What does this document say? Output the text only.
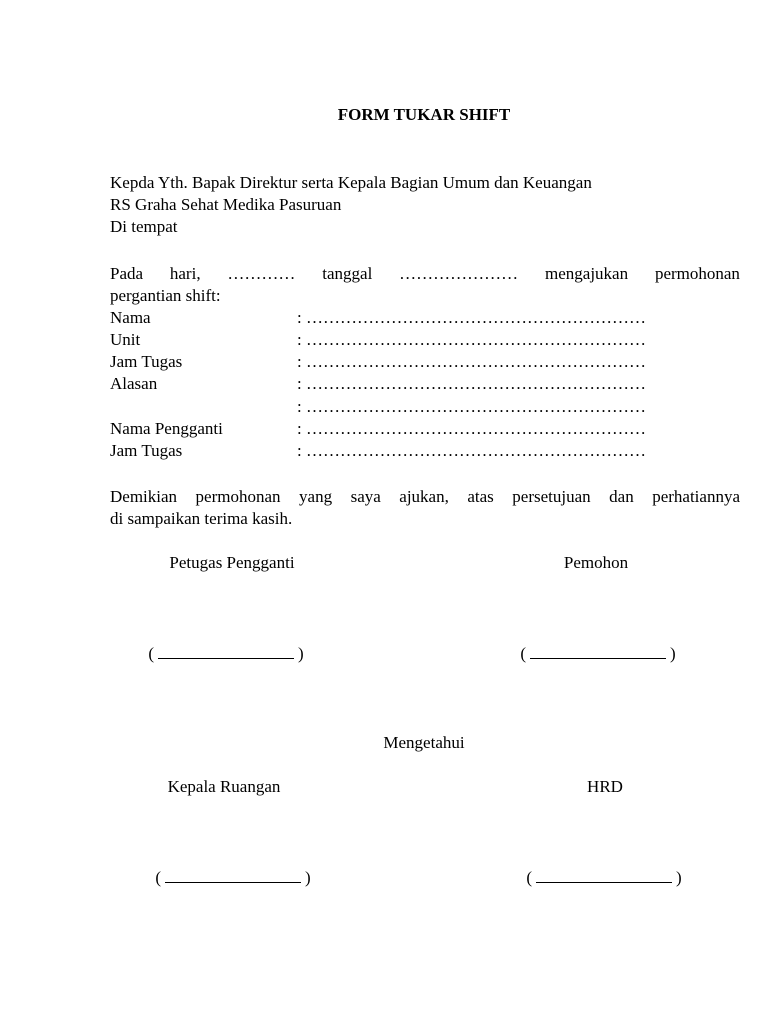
FORM TUKAR SHIFT
Kepda Yth. Bapak Direktur serta Kepala Bagian Umum dan Keuangan
RS Graha Sehat Medika Pasuruan
Di tempat
Pada hari, ………… tanggal ………………… mengajukan permohonan
pergantian shift:
Nama	: ……………………………………………………
Unit	: ……………………………………………………
Jam Tugas	: ……………………………………………………
Alasan	: ……………………………………………………
: ……………………………………………………
Nama Pengganti	: ……………………………………………………
Jam Tugas	: ……………………………………………………
Demikian permohonan yang saya ajukan, atas persetujuan dan perhatiannya
di sampaikan terima kasih.
Petugas Pengganti	Pemohon
(	)	(	)
Mengetahui
Kepala Ruangan	HRD
(	)	(	)
